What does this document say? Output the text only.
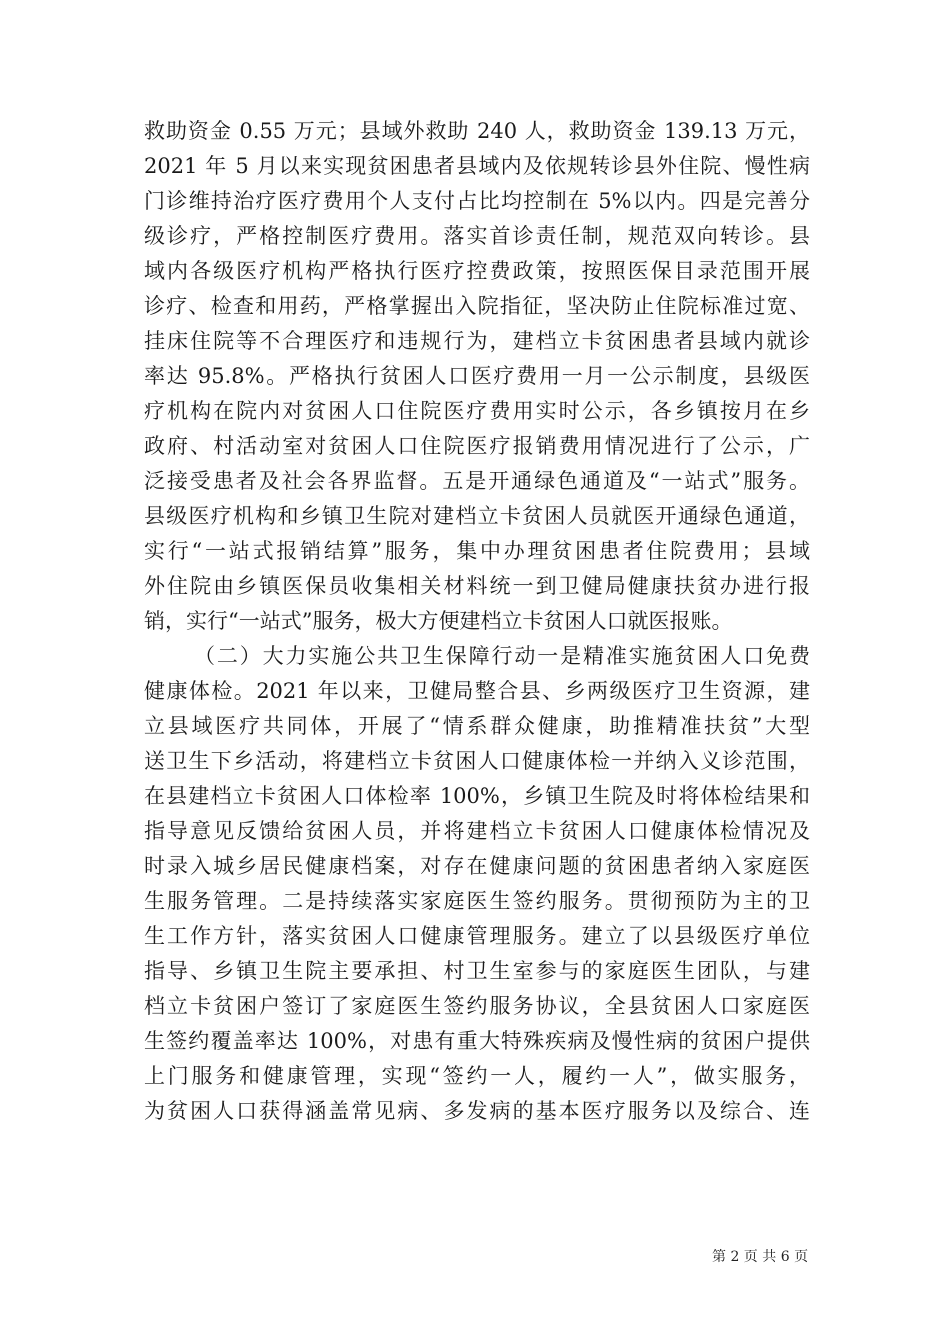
救助资金 0.55 万元；县域外救助 240 人，救助资金 139.13 万元，
2021 年 5 月以来实现贫困患者县域内及依规转诊县外住院、慢性病
门诊维持治疗医疗费用个人支付占比均控制在 5%以内。四是完善分
级诊疗，严格控制医疗费用。落实首诊责任制，规范双向转诊。县
域内各级医疗机构严格执行医疗控费政策，按照医保目录范围开展
诊疗、检查和用药，严格掌握出入院指征，坚决防止住院标准过宽、
挂床住院等不合理医疗和违规行为，建档立卡贫困患者县域内就诊
率达 95.8%。严格执行贫困人口医疗费用一月一公示制度，县级医
疗机构在院内对贫困人口住院医疗费用实时公示，各乡镇按月在乡
政府、村活动室对贫困人口住院医疗报销费用情况进行了公示，广
泛接受患者及社会各界监督。五是开通绿色通道及“一站式”服务。
县级医疗机构和乡镇卫生院对建档立卡贫困人员就医开通绿色通道，
实行“一站式报销结算”服务，集中办理贫困患者住院费用；县域
外住院由乡镇医保员收集相关材料统一到卫健局健康扶贫办进行报
销，实行“一站式”服务，极大方便建档立卡贫困人口就医报账。
（二）大力实施公共卫生保障行动一是精准实施贫困人口免费
健康体检。2021 年以来，卫健局整合县、乡两级医疗卫生资源，建
立县域医疗共同体，开展了“情系群众健康，助推精准扶贫”大型
送卫生下乡活动，将建档立卡贫困人口健康体检一并纳入义诊范围，
在县建档立卡贫困人口体检率 100%，乡镇卫生院及时将体检结果和
指导意见反馈给贫困人员，并将建档立卡贫困人口健康体检情况及
时录入城乡居民健康档案，对存在健康问题的贫困患者纳入家庭医
生服务管理。二是持续落实家庭医生签约服务。贯彻预防为主的卫
生工作方针，落实贫困人口健康管理服务。建立了以县级医疗单位
指导、乡镇卫生院主要承担、村卫生室参与的家庭医生团队，与建
档立卡贫困户签订了家庭医生签约服务协议，全县贫困人口家庭医
生签约覆盖率达 100%，对患有重大特殊疾病及慢性病的贫困户提供
上门服务和健康管理，实现“签约一人，履约一人”，做实服务，
为贫困人口获得涵盖常见病、多发病的基本医疗服务以及综合、连
第 2 页 共 6 页
